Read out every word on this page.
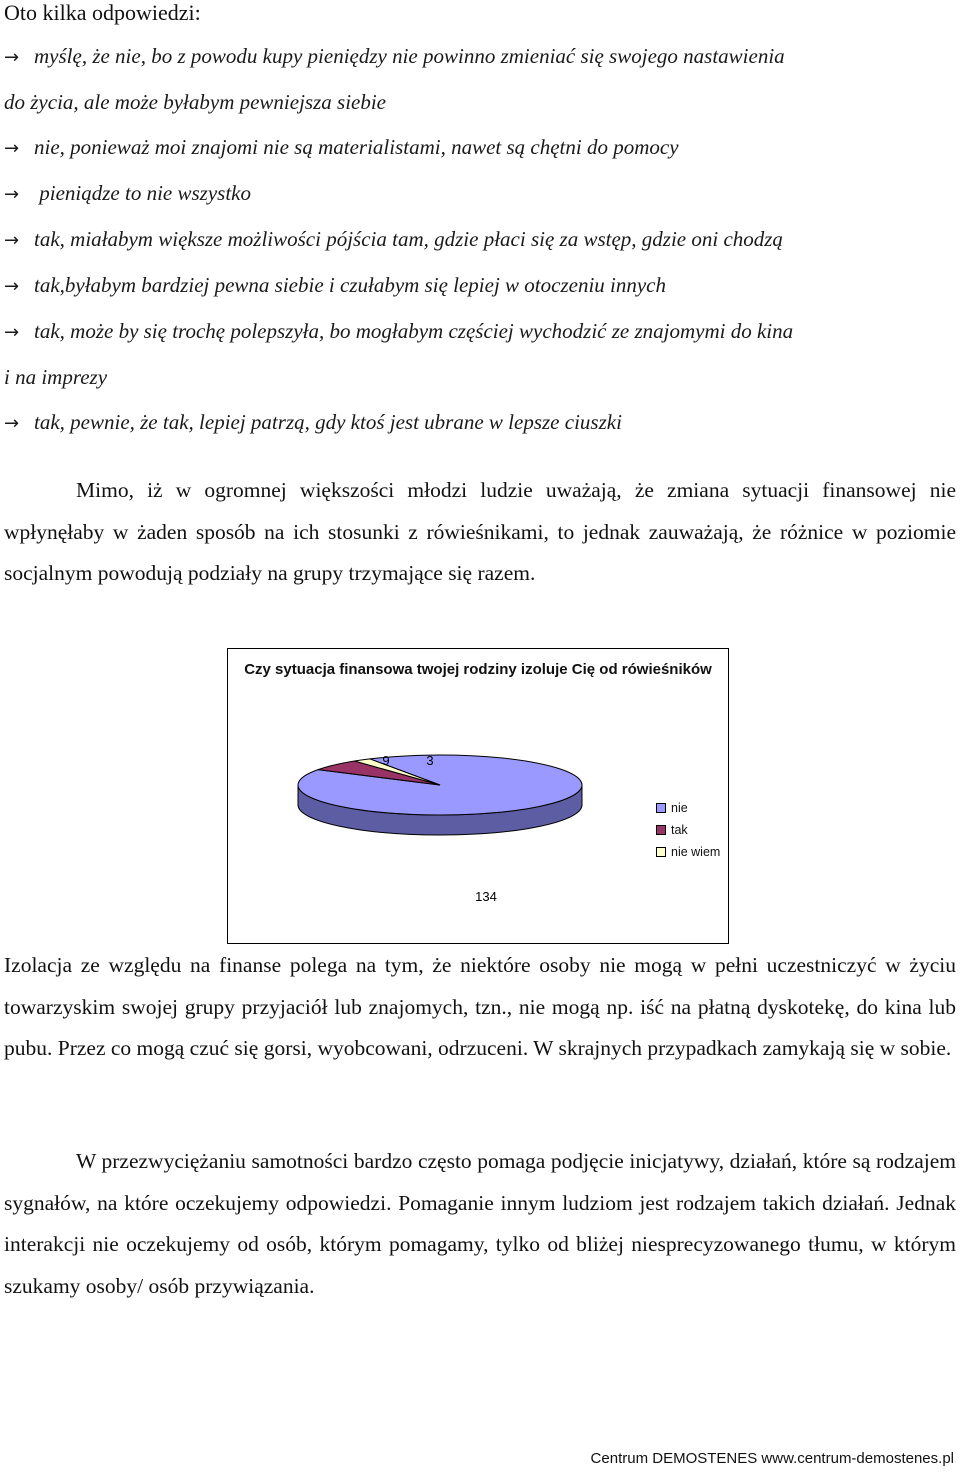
Oto kilka odpowiedzi:
→ myślę, że nie, bo z powodu kupy pieniędzy nie powinno zmieniać się swojego nastawienia
do życia, ale może byłabym pewniejsza siebie
→ nie, ponieważ moi znajomi nie są materialistami, nawet są chętni do pomocy
→ pieniądze to nie wszystko
→ tak, miałabym większe możliwości pójścia tam, gdzie płaci się za wstęp, gdzie oni chodzą
→ tak,byłabym bardziej pewna siebie i czułabym się lepiej w otoczeniu innych
→ tak, może by się trochę polepszyła, bo mogłabym częściej wychodzić ze znajomymi do kina
i na imprezy
→ tak, pewnie, że tak, lepiej patrzą, gdy ktoś jest ubrane w lepsze ciuszki
Mimo, iż w ogromnej większości młodzi ludzie uważają, że zmiana sytuacji finansowej nie wpłynęłaby w żaden sposób na ich stosunki z rówieśnikami, to jednak zauważają, że różnice w poziomie socjalnym powodują podziały na grupy trzymające się razem.
Czy sytuacja finansowa twojej rodziny izoluje Cię od rówieśników
134
9	3
nie
tak
nie wiem
Izolacja ze względu na finanse polega na tym, że niektóre osoby nie mogą w pełni uczestniczyć w życiu towarzyskim swojej grupy przyjaciół lub znajomych, tzn., nie mogą np. iść na płatną dyskotekę, do kina lub pubu. Przez co mogą czuć się gorsi, wyobcowani, odrzuceni. W skrajnych przypadkach zamykają się w sobie.
W przezwyciężaniu samotności bardzo często pomaga podjęcie inicjatywy, działań, które są rodzajem sygnałów, na które oczekujemy odpowiedzi. Pomaganie innym ludziom jest rodzajem takich działań. Jednak interakcji nie oczekujemy od osób, którym pomagamy, tylko od bliżej niesprecyzowanego tłumu, w którym szukamy osoby/ osób przywiązania.
Centrum DEMOSTENES www.centrum-demostenes.pl
